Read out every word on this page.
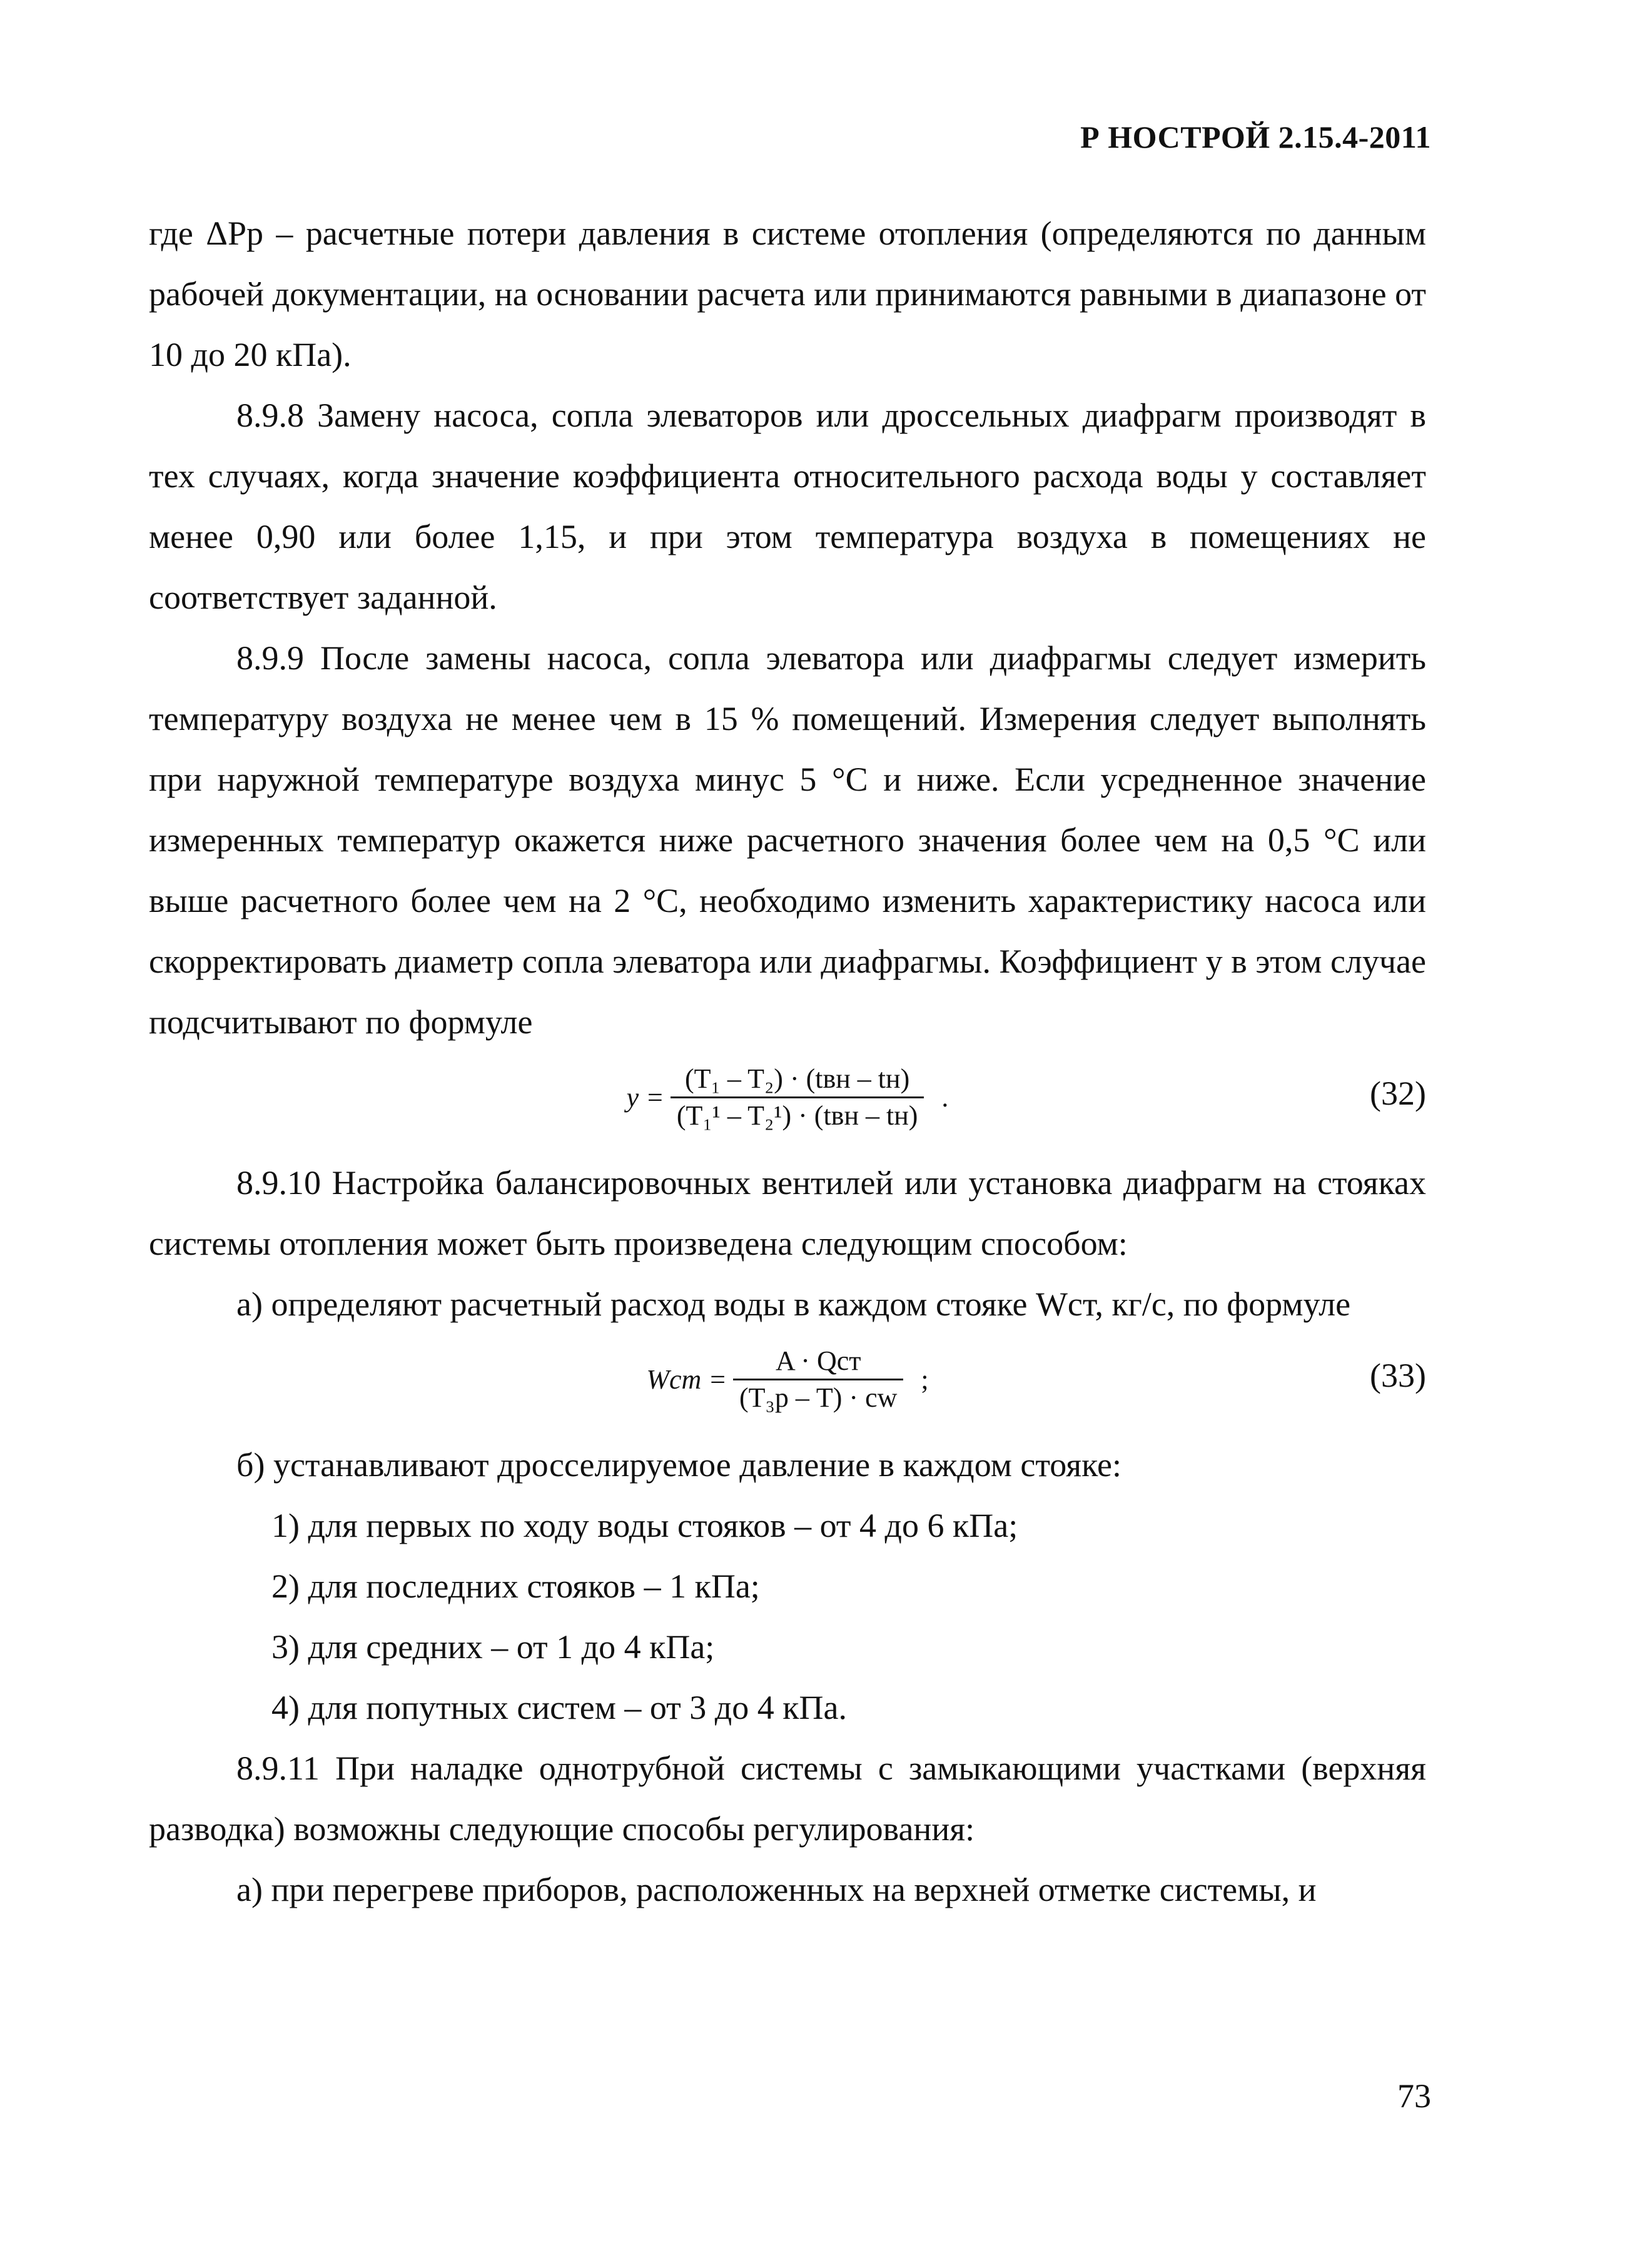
Р НОСТРОЙ 2.15.4-2011

где ΔPр – расчетные потери давления в системе отопления (определяются по данным рабочей документации, на основании расчета или принимаются равными в диапазоне от 10 до 20 кПа).

8.9.8 Замену насоса, сопла элеваторов или дроссельных диафрагм производят в тех случаях, когда значение коэффициента относительного расхода воды y составляет менее 0,90 или более 1,15, и при этом температура воздуха в помещениях не соответствует заданной.

8.9.9 После замены насоса, сопла элеватора или диафрагмы следует измерить температуру воздуха не менее чем в 15 % помещений. Измерения следует выполнять при наружной температуре воздуха минус 5 °С и ниже. Если усредненное значение измеренных температур окажется ниже расчетного значения более чем на 0,5 °С или выше расчетного более чем на 2 °С, необходимо изменить характеристику насоса или скорректировать диаметр сопла элеватора или диафрагмы. Коэффициент y в этом случае подсчитывают по формуле

$y = \frac{\text{(T₁ – T₂) · (tвн – tн)}}{\text{(T₁¹ – T₂¹) · (tвн – tн)}}$ .	(32)

8.9.10 Настройка балансировочных вентилей или установка диафрагм на стояках системы отопления может быть произведена следующим способом:

а) определяют расчетный расход воды в каждом стояке Wст, кг/с, по формуле

Wст = $\frac{\text{A · Qст}}{\text{(T₃р – T) · cw}}$ ;	(33)

б) устанавливают дросселируемое давление в каждом стояке:

1) для первых по ходу воды стояков – от 4 до 6 кПа;

2) для последних стояков – 1 кПа;

3) для средних – от 1 до 4 кПа;

4) для попутных систем – от 3 до 4 кПа.

8.9.11 При наладке однотрубной системы с замыкающими участками (верхняя разводка) возможны следующие способы регулирования:

а) при перегреве приборов, расположенных на верхней отметке системы, и

73
